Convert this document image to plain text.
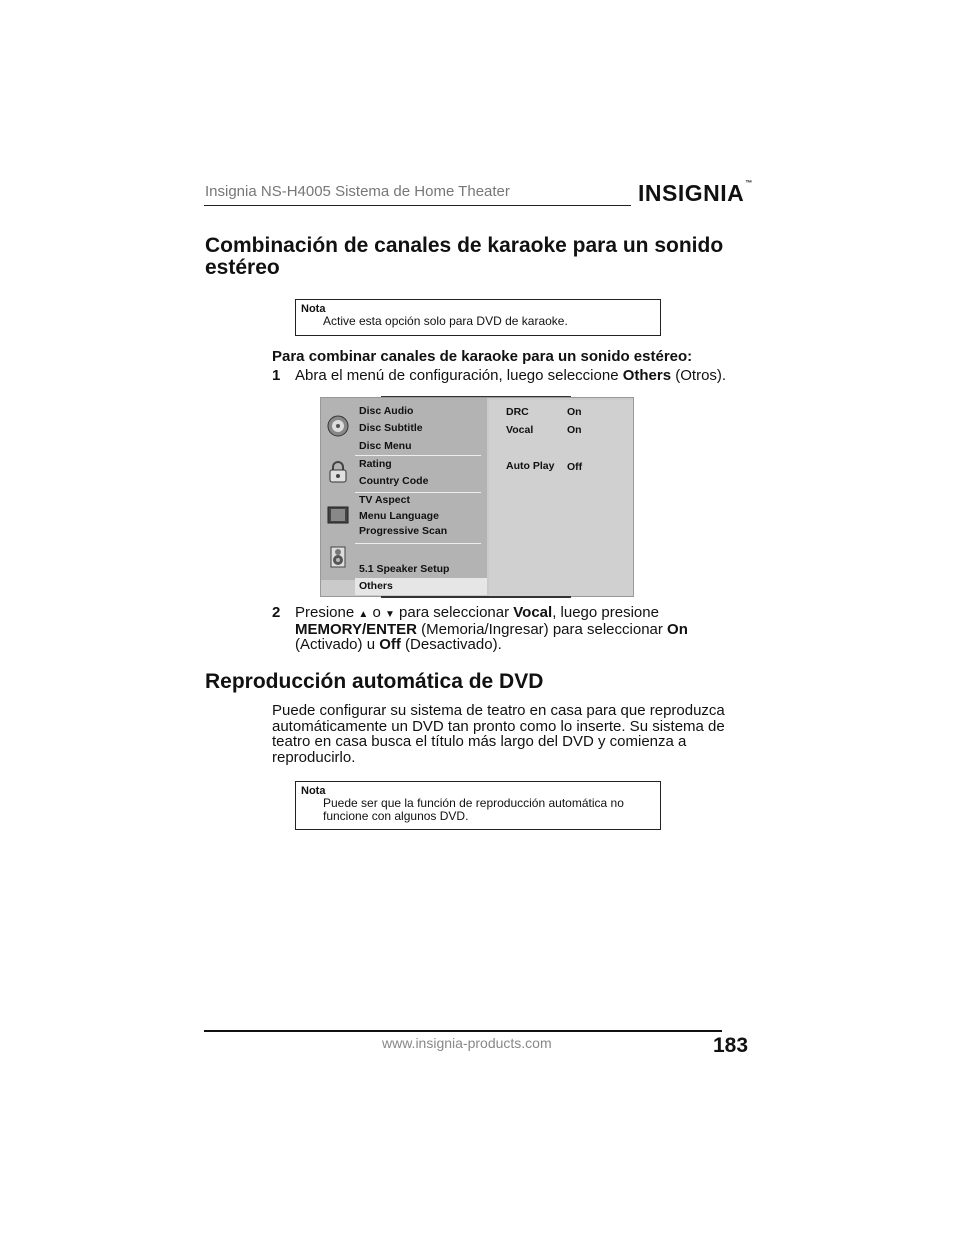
Insignia NS-H4005 Sistema de Home Theater	INSIGNIA™
Combinación de canales de karaoke para un sonido estéreo
Nota
Active esta opción solo para DVD de karaoke.
Para combinar canales de karaoke para un sonido estéreo:
1 Abra el menú de configuración, luego seleccione Others (Otros).
Disc Audio
Disc Subtitle
Disc Menu
Rating
Country Code
TV Aspect
Menu Language
Progressive Scan
5.1 Speaker Setup
Others
DRC	On
Vocal	On
Auto Play Off
2 Presione ▲ o ▼ para seleccionar Vocal, luego presione MEMORY/ENTER (Memoria/Ingresar) para seleccionar On (Activado) u Off (Desactivado).
Reproducción automática de DVD

Puede configurar su sistema de teatro en casa para que reproduzca automáticamente un DVD tan pronto como lo inserte. Su sistema de teatro en casa busca el título más largo del DVD y comienza a reproducirlo.

Nota
Puede ser que la función de reproducción automática no funcione con algunos DVD.
www.insignia-products.com	183
